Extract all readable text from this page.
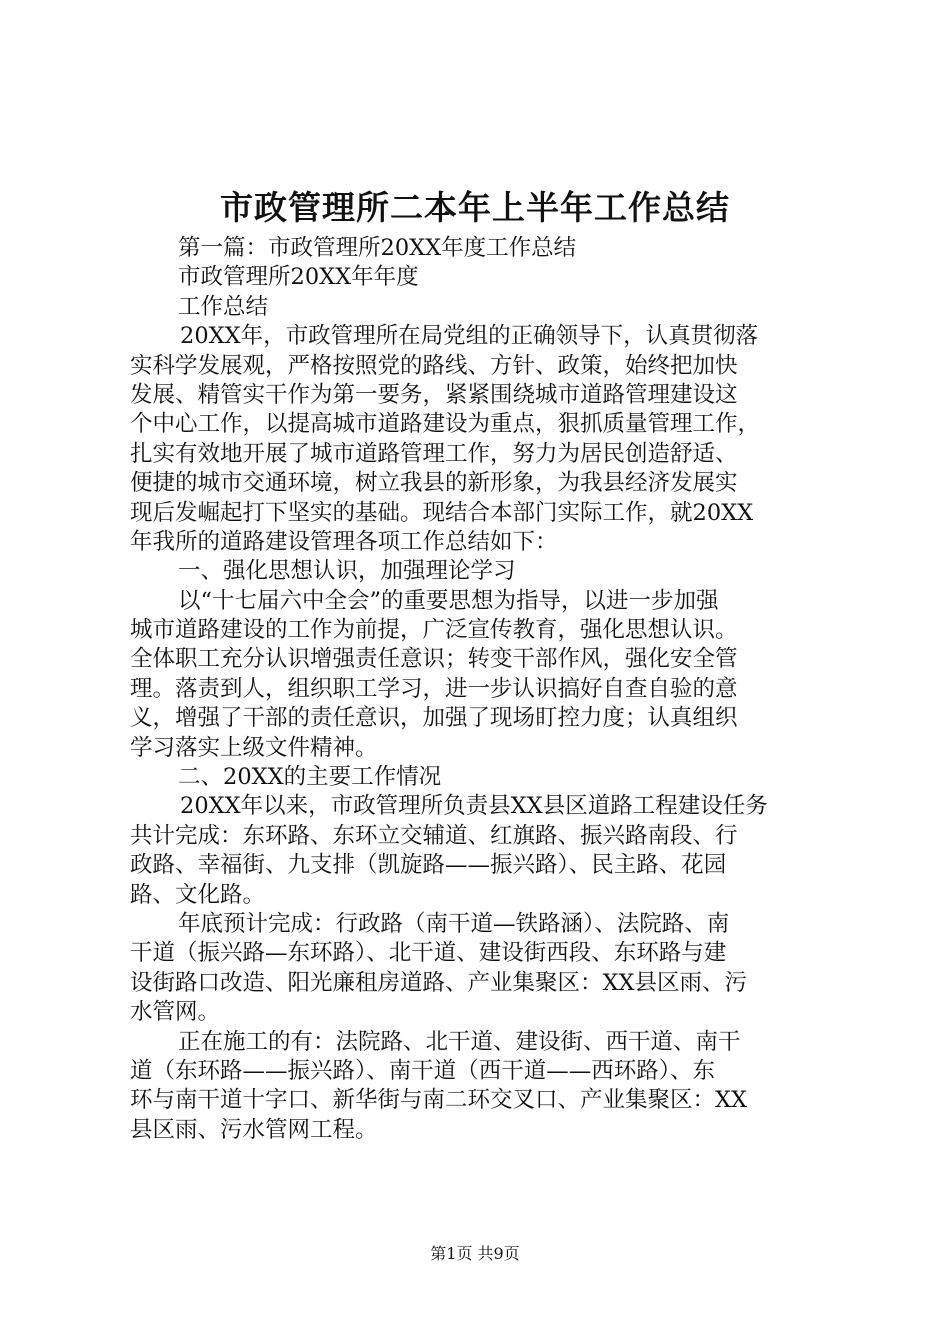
市政管理所二本年上半年工作总结
第一篇：市政管理所20XX年度工作总结
市政管理所20XX年年度
工作总结
20XX年，市政管理所在局党组的正确领导下，认真贯彻落
实科学发展观，严格按照党的路线、方针、政策，始终把加快
发展、精管实干作为第一要务，紧紧围绕城市道路管理建设这
个中心工作，以提高城市道路建设为重点，狠抓质量管理工作，
扎实有效地开展了城市道路管理工作，努力为居民创造舒适、
便捷的城市交通环境，树立我县的新形象，为我县经济发展实
现后发崛起打下坚实的基础。现结合本部门实际工作，就20XX
年我所的道路建设管理各项工作总结如下：
一、强化思想认识，加强理论学习
以“十七届六中全会”的重要思想为指导，以进一步加强
城市道路建设的工作为前提，广泛宣传教育，强化思想认识。
全体职工充分认识增强责任意识；转变干部作风，强化安全管
理。落责到人，组织职工学习，进一步认识搞好自查自验的意
义，增强了干部的责任意识，加强了现场盯控力度；认真组织
学习落实上级文件精神。
二、20XX的主要工作情况
20XX年以来，市政管理所负责县XX县区道路工程建设任务
共计完成：东环路、东环立交辅道、红旗路、振兴路南段、行
政路、幸福街、九支排（凯旋路——振兴路）、民主路、花园
路、文化路。
年底预计完成：行政路（南干道—铁路涵）、法院路、南
干道（振兴路—东环路）、北干道、建设街西段、东环路与建
设街路口改造、阳光廉租房道路、产业集聚区：XX县区雨、污
水管网。
正在施工的有：法院路、北干道、建设街、西干道、南干
道（东环路——振兴路）、南干道（西干道——西环路）、东
环与南干道十字口、新华街与南二环交叉口、产业集聚区：XX
县区雨、污水管网工程。
第1页 共9页
